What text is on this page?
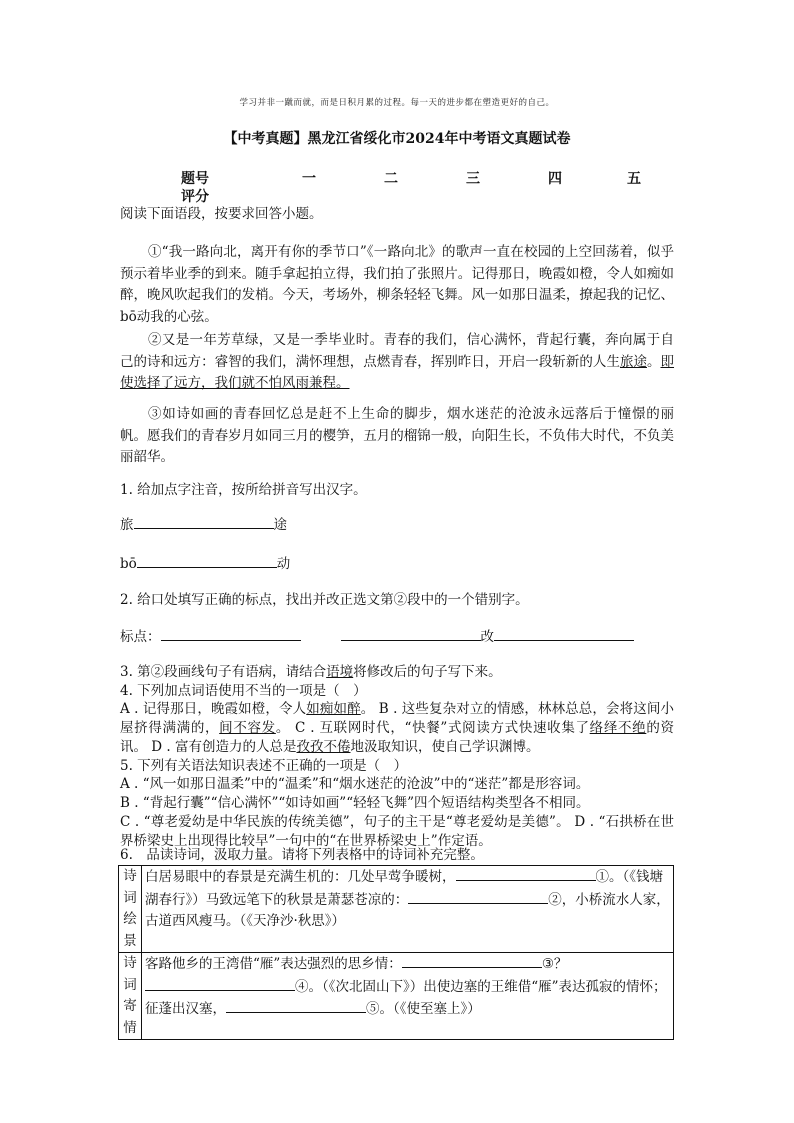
学习并非一蹴而就，而是日积月累的过程。每一天的进步都在塑造更好的自己。
【中考真题】黑龙江省绥化市2024年中考语文真题试卷
题号	一	二	三	四	五
评分
阅读下面语段，按要求回答小题。
①“我一路向北，离开有你的季节口”《一路向北》的歌声一直在校园的上空回荡着，似乎预示着毕业季的到来。随手拿起拍立得，我们拍了张照片。记得那日，晚霞如橙，令人如痴如醉，晚风吹起我们的发梢。今天，考场外，柳条轻轻飞舞。风一如那日温柔，撩起我的记忆、bō动我的心弦。
②又是一年芳草绿，又是一季毕业时。青春的我们，信心满怀，背起行囊，奔向属于自己的诗和远方：睿智的我们，满怀理想，点燃青春，挥别昨日，开启一段斩新的人生旅途。即使选择了远方，我们就不怕风雨兼程。
③如诗如画的青春回忆总是赶不上生命的脚步，烟水迷茫的沧波永远落后于憧憬的丽帆。愿我们的青春岁月如同三月的樱笋，五月的榴锦一般，向阳生长，不负伟大时代，不负美丽韶华。
1. 给加点字注音，按所给拼音写出汉字。
旅	途
bō	动
2. 给口处填写正确的标点，找出并改正选文第②段中的一个错别字。
标点：	改
3. 第②段画线句子有语病，请结合语境将修改后的句子写下来。
4. 下列加点词语使用不当的一项是（　）
A . 记得那日，晚霞如橙，令人如痴如醉。 B . 这些复杂对立的情感，林林总总，会将这间小屋挤得满满的，间不容发。 C . 互联网时代，“快餐”式阅读方式快速收集了络绎不绝的资讯。 D . 富有创造力的人总是孜孜不倦地汲取知识，使自己学识渊博。
5. 下列有关语法知识表述不正确的一项是（　）
A . “风一如那日温柔”中的“温柔”和“烟水迷茫的沧波”中的“迷茫”都是形容词。
B . “背起行囊”“信心满怀”“如诗如画”“轻轻飞舞”四个短语结构类型各不相同。
C . “尊老爱幼是中华民族的传统美德”，句子的主干是“尊老爱幼是美德”。 D . “石拱桥在世界桥梁史上出现得比较早”一句中的“在世界桥梁史上”作定语。
6.　品读诗词，汲取力量。请将下列表格中的诗词补充完整。
诗词绘景	白居易眼中的春景是充满生机的：几处早莺争暖树， ①。（《钱塘湖春行》）马致远笔下的秋景是萧瑟苍凉的： ②，小桥流水人家，古道西风瘦马。（《天净沙·秋思》）
诗词寄情	客路他乡的王湾借“雁”表达强烈的思乡情： ③？④。（《次北固山下》）出使边塞的王维借“雁”表达孤寂的情怀；征蓬出汉塞， ⑤。（《使至塞上》）
